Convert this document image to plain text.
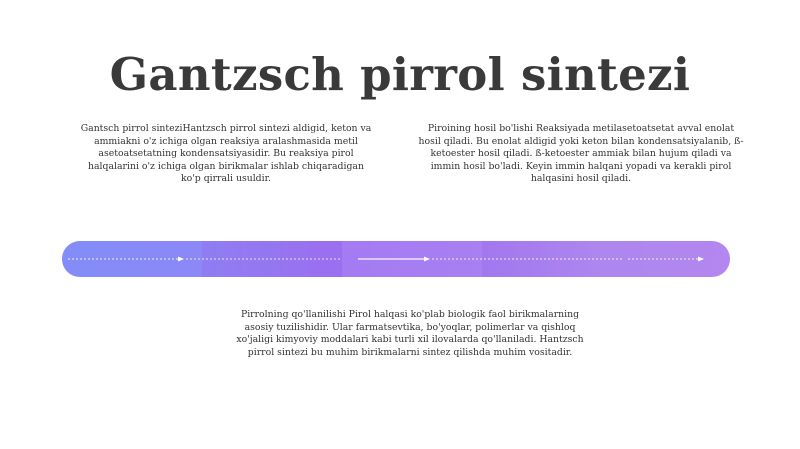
Gantzsch pirrol sintezi

Gantsch pirrol sinteziHantzsch pirrol sintezi aldigid, keton va ammiakni o'z ichiga olgan reaksiya aralashmasida metil asetoatsetatning kondensatsiyasidir. Bu reaksiya pirol halqalarini o'z ichiga olgan birikmalar ishlab chiqaradigan ko'p qirrali usuldir.

Piroining hosil bo'lishi Reaksiyada metilasetoatsetat avval enolat hosil qiladi. Bu enolat aldigid yoki keton bilan kondensatsiyalanib, ß-ketoester hosil qiladi. ß-ketoester ammiak bilan hujum qiladi va immin hosil bo'ladi. Keyin immin halqani yopadi va kerakli pirol halqasini hosil qiladi.

Pirrolning qo'llanilishi Pirol halqasi ko'plab biologik faol birikmalarning asosiy tuzilishidir. Ular farmatsevtika, bo'yoqlar, polimerlar va qishloq xo'jaligi kimyoviy moddalari kabi turli xil ilovalarda qo'llaniladi. Hantzsch pirrol sintezi bu muhim birikmalarni sintez qilishda muhim vositadir.
